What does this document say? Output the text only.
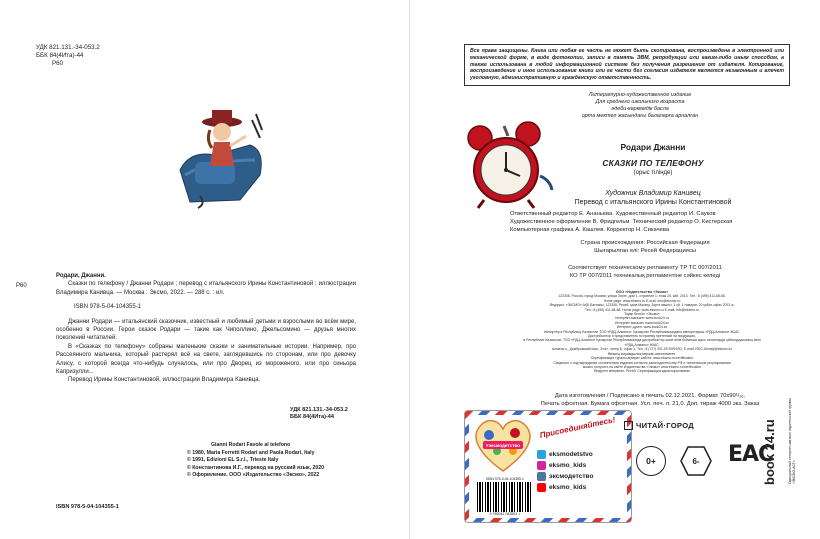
УДК 821.131.-34-053.2
ББК 84(4Ита)-44
Р60
Р60
Родари, Джанни.

Сказки по телефону / Джанни Родари ; перевод с итальянского Ирины Константиновой ; иллюстрации Владимира Канивца. — Москва : Эксмо, 2022. — 288 с. : ил.

ISBN 978-5-04-104355-1

Джанни Родари — итальянский сказочник, известный и любимый детьми и взрослыми во всём мире, особенно в России. Герои сказок Родари — такие как Чиполлино, Джельсомино — друзья многих поколений читателей.

В «Сказках по телефону» собраны маленькие сказки и занимательные истории. Например, про Рассеянного мальчика, который растерял всё на свете, заглядевшись по сторонам, или про девочку Алису, с которой всегда что-нибудь случалось, или про Дворец из мороженого, или про синьора Капризулли...

Перевод Ирины Константиновой, иллюстрации Владимира Канивца.

УДК 821.131.-34-053.2
ББК 84(4Ита)-44
Gianni Rodari Favole al telefono
© 1980, Maria Ferretti Rodari and Paola Rodari, Italy
© 1991, Edizioni EL S.r.l., Trieste Italy
© Константинова И.Г., перевод на русский язык, 2020
© Оформление. ООО «Издательство «Эксмо», 2022
ISBN 978-5-04-104355-1
Все права защищены. Книга или любая ее часть не может быть скопирована, воспроизведена в электронной или механической форме, в виде фотокопии, записи в память ЭВМ, репродукции или каким-либо иным способом, а также использована в любой информационной системе без получения разрешения от издателя. Копирование, воспроизведение и иное использование книги или ее части без согласия издателя является незаконным и влечет уголовную, административную и гражданскую ответственность.
Литературно-художественное издание
Для среднего школьного возраста
әдеби-көркемдік басла
орта мектеп жасындағы балаларға арналған
Родари Джанни
СКАЗКИ ПО ТЕЛЕФОНУ
(орыс тілінде)
Художник Владимир Канивец
Перевод с итальянского Ирины Константиновой
Ответственный редактор Е. Ананьева. Художественный редактор И. Сауков
Художественное оформление В. Фридгельм. Технический редактор О. Кистерская
Компьютерная графика А. Кашлев. Корректор Н. Сикачева
Страна происхождения: Российская Федерация
Шығарылған елі: Ресей Федерациясы
Соответствует техническому регламенту ТР ТС 007/2011
КО ТР 007/2011 техникалық регламентіне сәйкес келеді
ООО «Издательство «Эксмо»
123308, Россия, город Москва, улица Зорге, дом 1, строение 1, этаж 20, каб. 2013. Тел.: 8 (495) 411-68-86.
Home page: www.eksmo.ru E-mail: info@eksmo.ru
Өндіруші: «ЭКСМО» АҚБ Баспасы, 123308, Ресей, қала Мәскеу, Зорге көшесі, 1 үй, 1 ғимарат, 20 қабат, офис 2013 ж.
Тел.: 8 (495) 411-68-86. Home page: www.eksmo.ru E-mail: info@eksmo.ru
Тауар белгісі: «Эксмо»
Интернет-магазин: www.book24.ru
Интернет-магазин: www.book24.kz
Интернет-дүкен: www.book24.kz
Импортёр в Республику Казахстан ТОО «РДЦ-Алматы». Қазақстан Республикасындағы импорттаушы «РДЦ-Алматы» ЖШС.
Дистрибьютор и представитель по приему претензий на продукцию,
в Республике Казахстан: ТОО «РДЦ-Алматы» Қазақстан Республикасында дистрибьютор және өнім бойынша арыз-талаптарды қабылдаушының өкілі «РДЦ-Алматы» ЖШС,
Алматы қ., Домбровский көш., 3«а», литер Б, офис 1. Тел.: 8 (727) 251-59-90/91/92; E-mail: RDC-Almaty@eksmo.kz
Өнімнің жарамдылық мерзімі шектелмеген.
Сертификация туралы ақпарат сайтта: www.eksmo.ru/certification
Сведения о подтверждении соответствия издания согласно законодательству РФ о техническом регулировании
можно получить на сайте Издательства «Эксмо» www.eksmo.ru/certification
Өндірген мемлекет: Ресей. Сертификация қарастырылмаған
Дата изготовления / Подписано в печать 02.12.2021. Формат 70x90¹/₁₆.
Печать офсетная. Бумага офсетная. Усл. печ. л. 21,0. Доп. тираж 4000 экз. Заказ
#эксмодетство
Присоединяйтесь!
eksmodetstvo
eksmo_kids
эксмодетство
eksmo_kids
ISBN 978-5-04-104355-1
9 785041 043551 >
ЧИТАЙ·ГОРОД
0+	6- EAC
book 24.ru	Официальный интернет-магазин издательской группы «ЭКСМО-АСТ»
